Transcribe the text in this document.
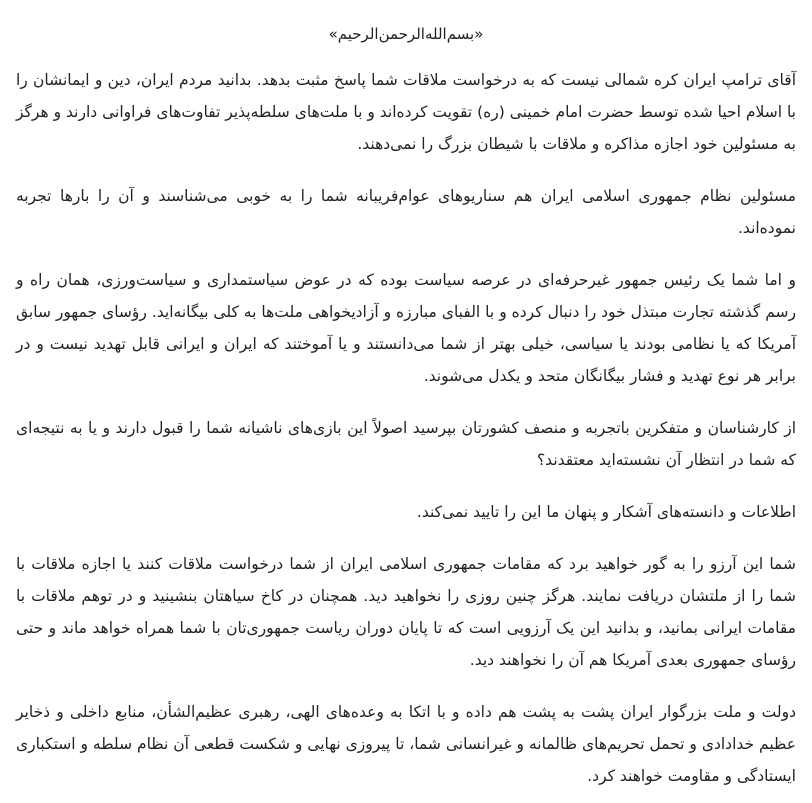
«بسم‌الله‌الرحمن‌الرحیم»

آقای ترامپ ایران کره شمالی نیست که به درخواست ملاقات شما پاسخ مثبت بدهد. بدانید مردم ایران، دین و ایمانشان را با اسلام احیا شده توسط حضرت امام خمینی (ره) تقویت کرده‌اند و با ملت‌های سلطه‌پذیر تفاوت‌های فراوانی دارند و هرگز به مسئولین خود اجازه مذاکره و ملاقات با شیطان بزرگ را نمی‌دهند.

مسئولین نظام جمهوری اسلامی ایران هم سناریوهای عوام‌فریبانه شما را به خوبی می‌شناسند و آن را بارها تجربه نموده‌اند.

و اما شما یک رئیس جمهور غیرحرفه‌ای در عرصه سیاست بوده که در عوض سیاستمداری و سیاست‌ورزی، همان راه و رسم گذشته تجارت مبتذل خود را دنبال کرده و با الفبای مبارزه و آزادیخواهی ملت‌ها به کلی بیگانه‌اید. رؤسای جمهور سابق آمریکا که یا نظامی بودند یا سیاسی، خیلی بهتر از شما می‌دانستند و یا آموختند که ایران و ایرانی قابل تهدید نیست و در برابر هر نوع تهدید و فشار بیگانگان متحد و یکدل می‌شوند.

از کارشناسان و متفکرین باتجربه و منصف کشورتان بپرسید اصولاً این بازی‌های ناشیانه شما را قبول دارند و یا به نتیجه‌ای که شما در انتظار آن نشسته‌اید معتقدند؟

اطلاعات و دانسته‌های آشکار و پنهان ما این را تایید نمی‌کند.

شما این آرزو را به گور خواهید برد که مقامات جمهوری اسلامی ایران از شما درخواست ملاقات کنند یا اجازه ملاقات با شما را از ملتشان دریافت نمایند. هرگز چنین روزی را نخواهید دید. همچنان در کاخ سیاهتان بنشینید و در توهم ملاقات با مقامات ایرانی بمانید، و بدانید این یک آرزویی است که تا پایان دوران ریاست جمهوری‌تان با شما همراه خواهد ماند و حتی رؤسای جمهوری بعدی آمریکا هم آن را نخواهند دید.

دولت و ملت بزرگوار ایران پشت به پشت هم داده و با اتکا به وعده‌های الهی، رهبری عظیم‌الشأن، منابع داخلی و ذخایر عظیم خدادادی و تحمل تحریم‌های ظالمانه و غیرانسانی شما، تا پیروزی نهایی و شکست قطعی آن نظام سلطه و استکباری ایستادگی و مقاومت خواهند کرد.
